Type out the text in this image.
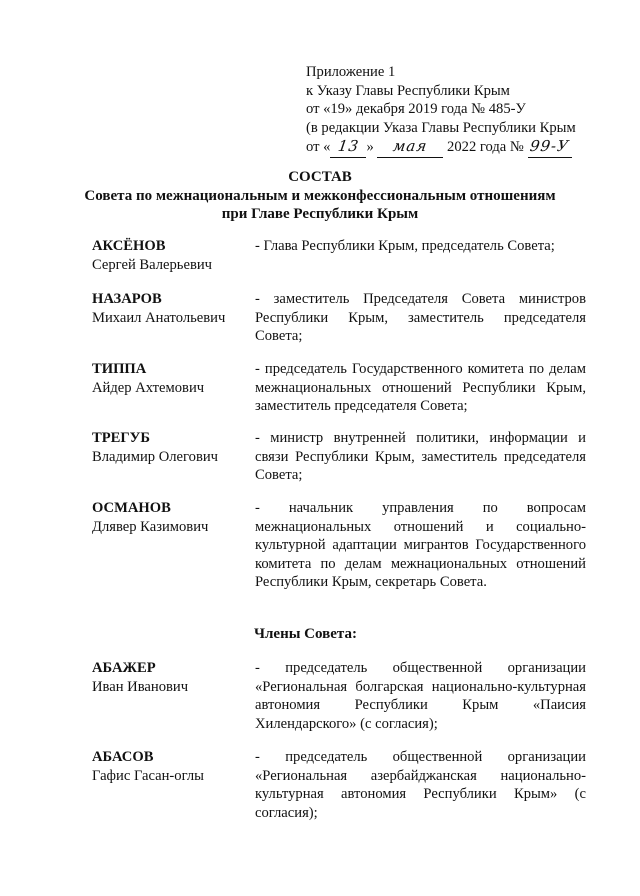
Приложение 1
к Указу Главы Республики Крым
от «19» декабря 2019 года № 485-У
(в редакции Указа Главы Республики Крым
от « 13 » мая 2022 года № 99-У
СОСТАВ
Совета по межнациональным и межконфессиональным отношениям
при Главе Республики Крым
АКСЁНОВ
Сергей Валерьевич
- Глава Республики Крым, председатель Совета;
НАЗАРОВ
Михаил Анатольевич
- заместитель Председателя Совета министров Республики Крым, заместитель председателя Совета;
ТИППА
Айдер Ахтемович
- председатель Государственного комитета по делам межнациональных отношений Республики Крым, заместитель председателя Совета;
ТРЕГУБ
Владимир Олегович
- министр внутренней политики, информации и связи Республики Крым, заместитель председателя Совета;
ОСМАНОВ
Длявер Казимович
- начальник управления по вопросам межнациональных отношений и социально-культурной адаптации мигрантов Государственного комитета по делам межнациональных отношений Республики Крым, секретарь Совета.
Члены Совета:
АБАЖЕР
Иван Иванович
- председатель общественной организации «Региональная болгарская национально-культурная автономия Республики Крым «Паисия Хилендарского» (с согласия);
АБАСОВ
Гафис Гасан-оглы
- председатель общественной организации «Региональная азербайджанская национально-культурная автономия Республики Крым» (с согласия);
